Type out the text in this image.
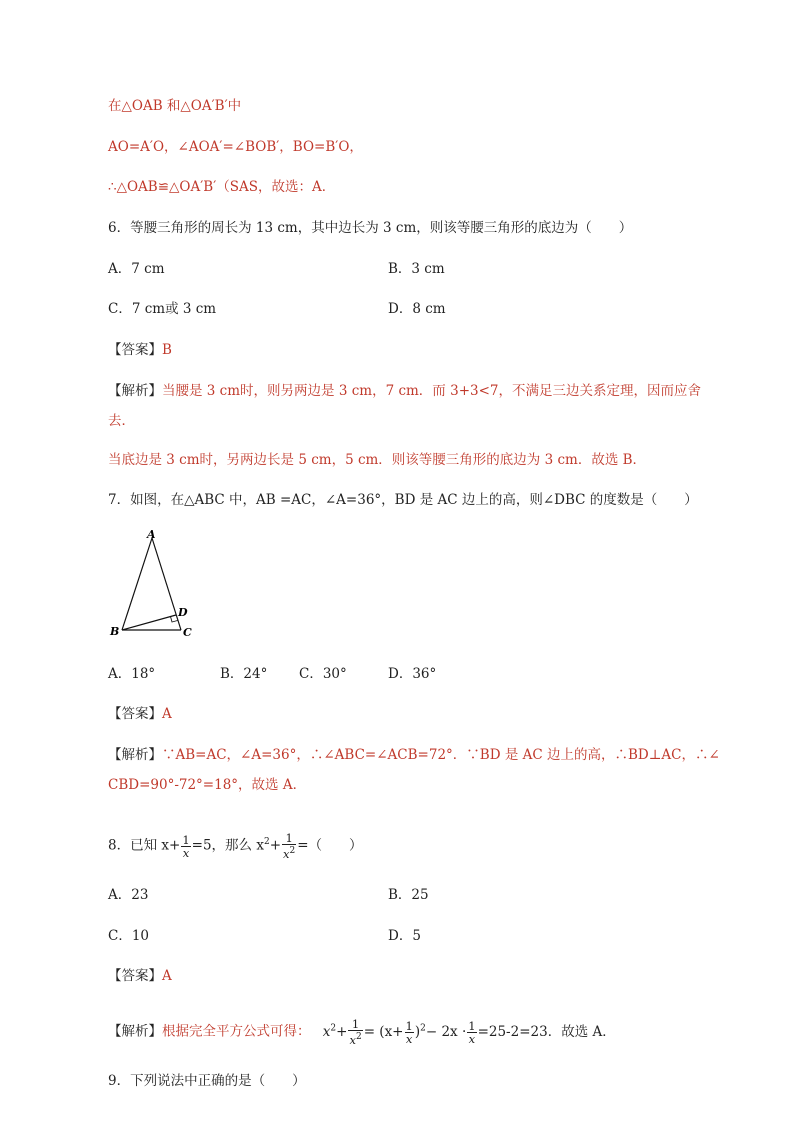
在△OAB 和△OA′B′中
AO=A′O，∠AOA′=∠BOB′，BO=B′O，
∴△OAB≌△OA′B′（SAS，故选：A．
6．等腰三角形的周长为 13 cm，其中边长为 3 cm，则该等腰三角形的底边为（　　）
A．7 cm	B．3 cm
C．7 cm或 3 cm	D．8 cm
【答案】B
【解析】当腰是 3 cm时，则另两边是 3 cm，7 cm．而 3+3<7，不满足三边关系定理，因而应舍
去．
当底边是 3 cm时，另两边长是 5 cm，5 cm．则该等腰三角形的底边为 3 cm．故选 B．
7．如图，在△ABC 中，AB =AC，∠A=36°，BD 是 AC 边上的高，则∠DBC 的度数是（　　）
A
B	C
D
A．18°	B．24° C．30°	D．36°
【答案】A
【解析】∵AB=AC，∠A=36°，∴∠ABC=∠ACB=72°．∵BD 是 AC 边上的高，∴BD⊥AC，∴∠
CBD=90°-72°=18°，故选 A．
8．已知 $x+ \frac{1}{x} =5$，那么 $x^2+ \frac{1}{x^2}$ =（　　）
A．23	B．25
C．10	D．5
【答案】A
【解析】根据完全平方公式可得： $x^2+ \frac{1}{x^2} = (x+ \frac{1}{x} )^2- 2x \cdot \frac{1}{x} =25-2=23$．故选 A．
9．下列说法中正确的是（　　）
